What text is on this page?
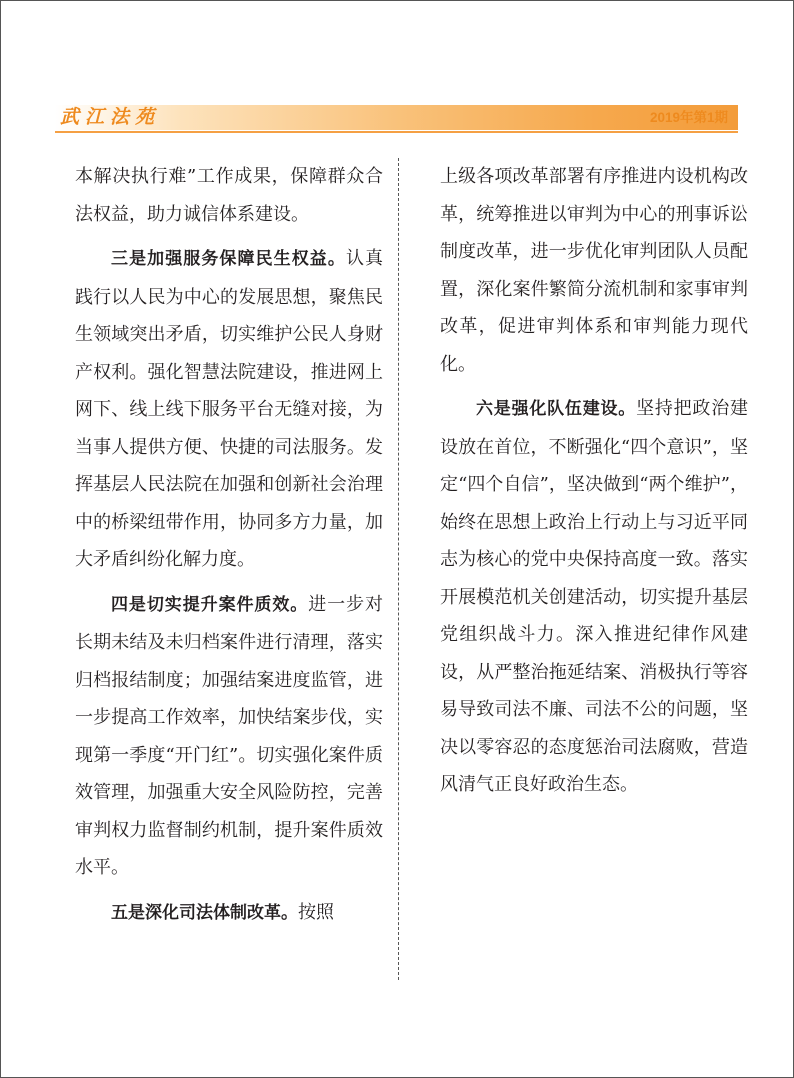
武江法苑	2019年第1期

本解决执行难”工作成果，保障群众合法权益，助力诚信体系建设。

三是加强服务保障民生权益。认真践行以人民为中心的发展思想，聚焦民生领域突出矛盾，切实维护公民人身财产权利。强化智慧法院建设，推进网上网下、线上线下服务平台无缝对接，为当事人提供方便、快捷的司法服务。发挥基层人民法院在加强和创新社会治理中的桥梁纽带作用，协同多方力量，加大矛盾纠纷化解力度。

四是切实提升案件质效。进一步对长期未结及未归档案件进行清理，落实归档报结制度；加强结案进度监管，进一步提高工作效率，加快结案步伐，实现第一季度“开门红”。切实强化案件质效管理，加强重大安全风险防控，完善审判权力监督制约机制，提升案件质效水平。

五是深化司法体制改革。按照

上级各项改革部署有序推进内设机构改革，统筹推进以审判为中心的刑事诉讼制度改革，进一步优化审判团队人员配置，深化案件繁简分流机制和家事审判改革，促进审判体系和审判能力现代化。

六是强化队伍建设。坚持把政治建设放在首位，不断强化“四个意识”，坚定“四个自信”，坚决做到“两个维护”，始终在思想上政治上行动上与习近平同志为核心的党中央保持高度一致。落实开展模范机关创建活动，切实提升基层党组织战斗力。深入推进纪律作风建设，从严整治拖延结案、消极执行等容易导致司法不廉、司法不公的问题，坚决以零容忍的态度惩治司法腐败，营造风清气正良好政治生态。
